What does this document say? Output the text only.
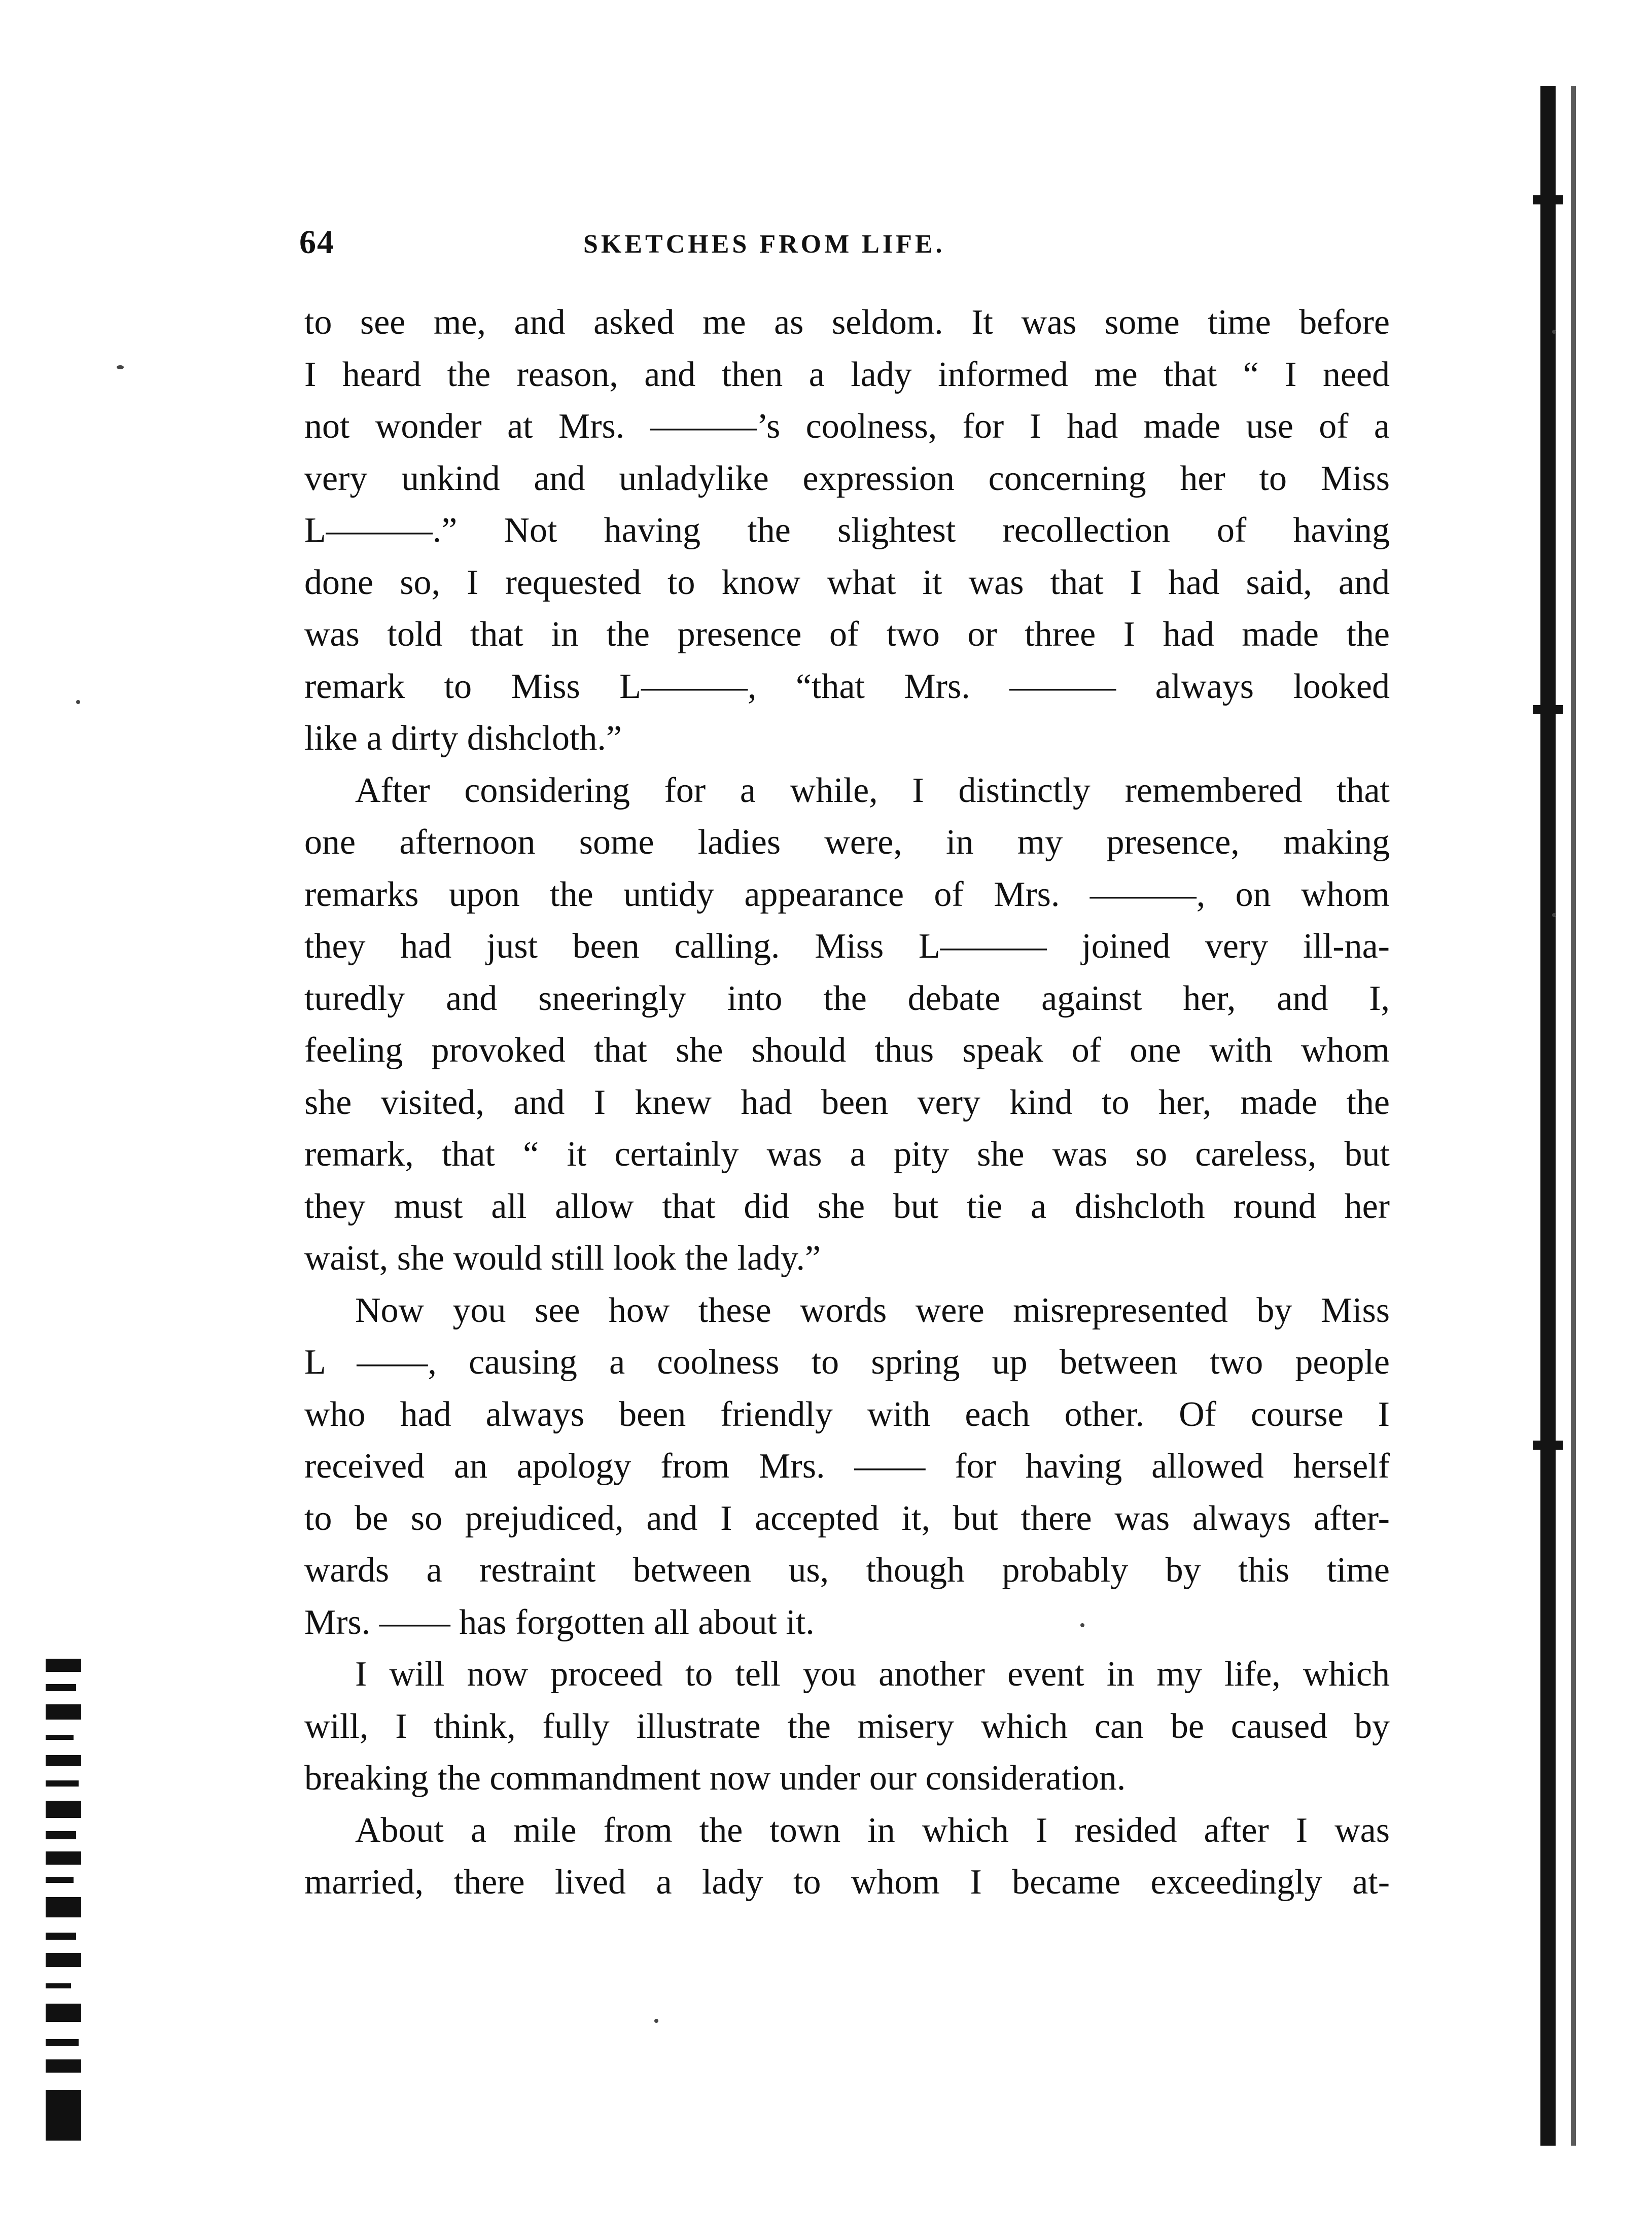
64	SKETCHES FROM LIFE.

to see me, and asked me as seldom. It was some time before
I heard the reason, and then a lady informed me that “ I need
not wonder at Mrs. ———’s coolness, for I had made use of a
very unkind and unladylike expression concerning her to Miss
L———.” Not having the slightest recollection of having
done so, I requested to know what it was that I had said, and
was told that in the presence of two or three I had made the
remark to Miss L———, “that Mrs. ——— always looked
like a dirty dishcloth.”

After considering for a while, I distinctly remembered that
one afternoon some ladies were, in my presence, making
remarks upon the untidy appearance of Mrs. ———, on whom
they had just been calling. Miss L——— joined very ill-na-
turedly and sneeringly into the debate against her, and I,
feeling provoked that she should thus speak of one with whom
she visited, and I knew had been very kind to her, made the
remark, that “ it certainly was a pity she was so careless, but
they must all allow that did she but tie a dishcloth round her
waist, she would still look the lady.”

Now you see how these words were misrepresented by Miss
L ——, causing a coolness to spring up between two people
who had always been friendly with each other. Of course I
received an apology from Mrs. —— for having allowed herself
to be so prejudiced, and I accepted it, but there was always after-
wards a restraint between us, though probably by this time
Mrs. —— has forgotten all about it.

I will now proceed to tell you another event in my life, which
will, I think, fully illustrate the misery which can be caused by
breaking the commandment now under our consideration.

About a mile from the town in which I resided after I was
married, there lived a lady to whom I became exceedingly at-
